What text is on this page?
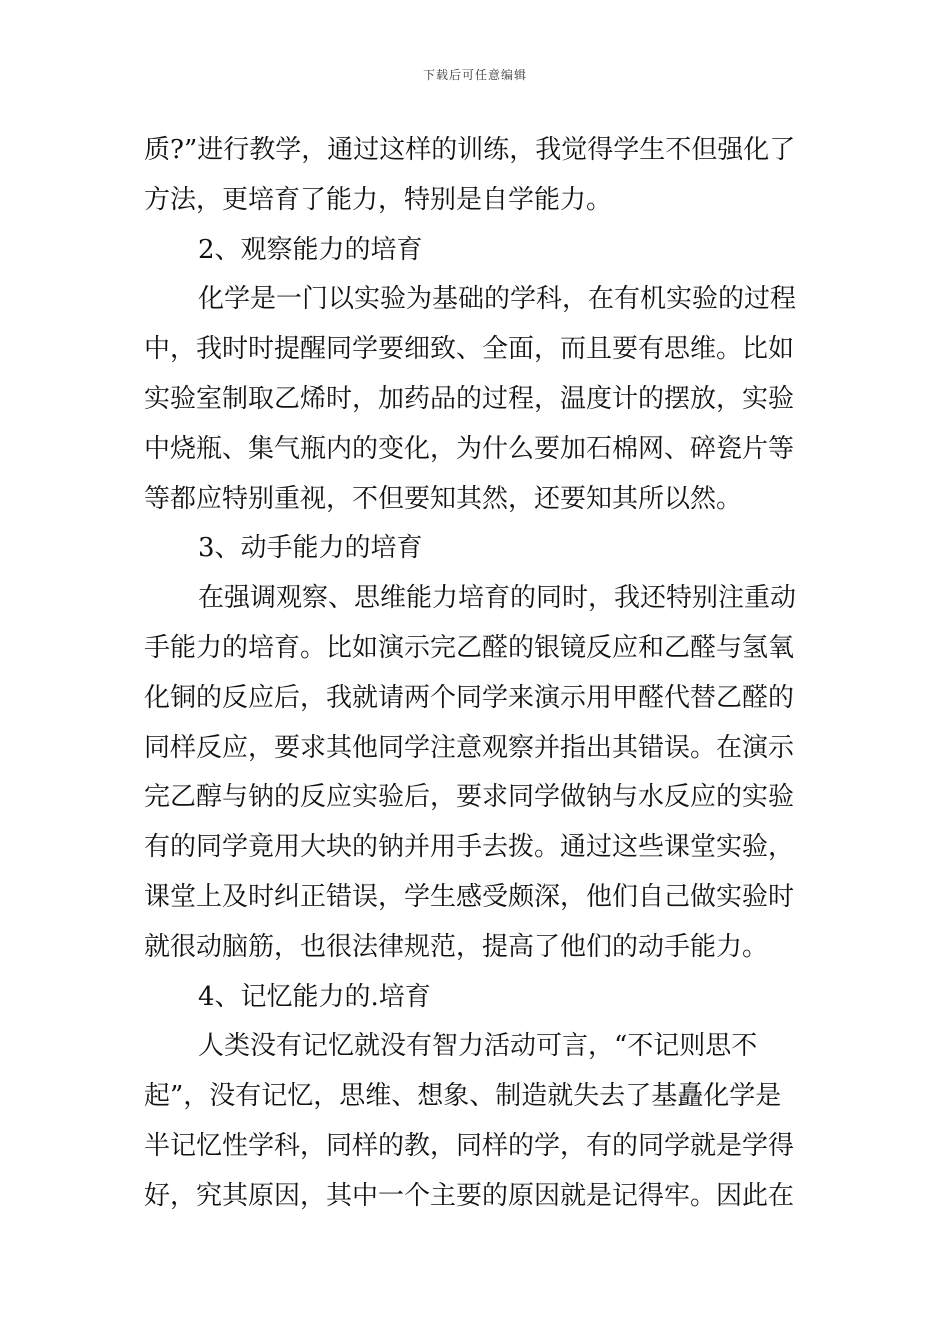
下载后可任意编辑
质?”进行教学，通过这样的训练，我觉得学生不但强化了
方法，更培育了能力，特别是自学能力。
2、观察能力的培育
化学是一门以实验为基础的学科，在有机实验的过程
中，我时时提醒同学要细致、全面，而且要有思维。比如
实验室制取乙烯时，加药品的过程，温度计的摆放，实验
中烧瓶、集气瓶内的变化，为什么要加石棉网、碎瓷片等
等都应特别重视，不但要知其然，还要知其所以然。
3、动手能力的培育
在强调观察、思维能力培育的同时，我还特别注重动
手能力的培育。比如演示完乙醛的银镜反应和乙醛与氢氧
化铜的反应后，我就请两个同学来演示用甲醛代替乙醛的
同样反应，要求其他同学注意观察并指出其错误。在演示
完乙醇与钠的反应实验后，要求同学做钠与水反应的实验
有的同学竟用大块的钠并用手去拨。通过这些课堂实验，
课堂上及时纠正错误，学生感受颇深，他们自己做实验时
就很动脑筋，也很法律规范，提高了他们的动手能力。
4、记忆能力的.培育
人类没有记忆就没有智力活动可言，“不记则思不
起”，没有记忆，思维、想象、制造就失去了基矗化学是
半记忆性学科，同样的教，同样的学，有的同学就是学得
好，究其原因，其中一个主要的原因就是记得牢。因此在
